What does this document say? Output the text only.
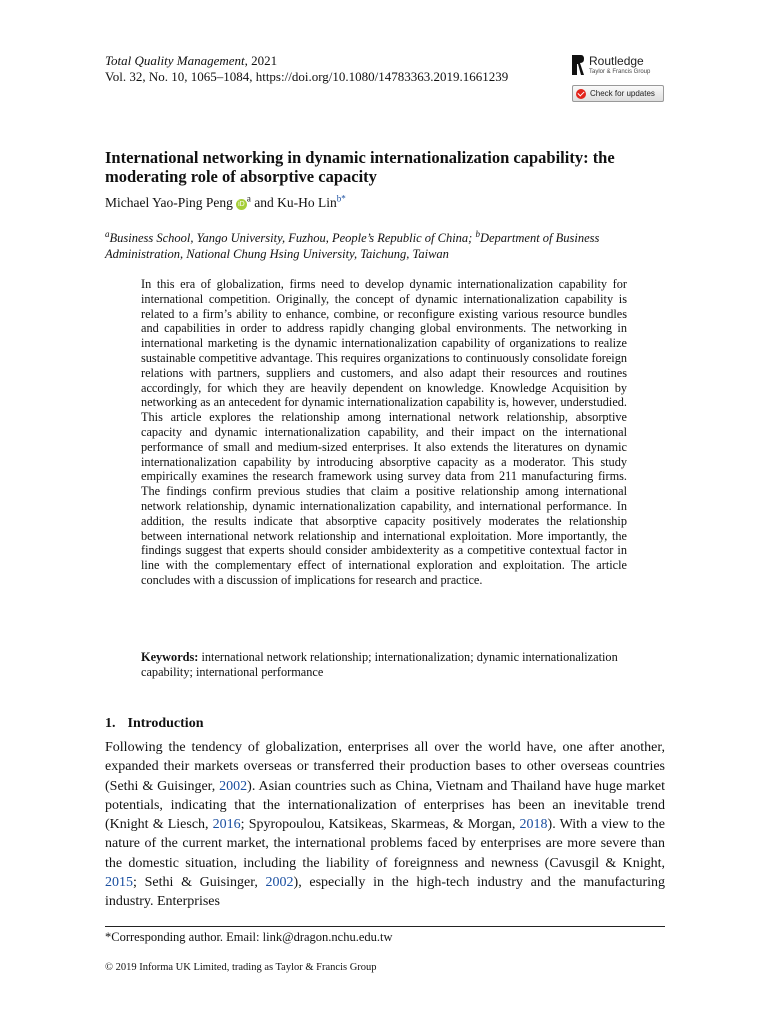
Total Quality Management, 2021
Vol. 32, No. 10, 1065–1084, https://doi.org/10.1080/14783363.2019.1661239
Routledge
Taylor & Francis Group
Check for updates
International networking in dynamic internationalization capability: the moderating role of absorptive capacity
Michael Yao-Ping Peng $iD^a$ and Ku-Ho Lin$^{b*}$
$^a$Business School, Yango University, Fuzhou, People’s Republic of China; $^b$Department of Business Administration, National Chung Hsing University, Taichung, Taiwan

In this era of globalization, firms need to develop dynamic internationalization capability for international competition. Originally, the concept of dynamic internationalization capability is related to a firm’s ability to enhance, combine, or reconfigure existing various resource bundles and capabilities in order to address rapidly changing global environments. The networking in international marketing is the dynamic internationalization capability of organizations to realize sustainable competitive advantage. This requires organizations to continuously consolidate foreign relations with partners, suppliers and customers, and also adapt their resources and routines accordingly, for which they are heavily dependent on knowledge. Knowledge Acquisition by networking as an antecedent for dynamic internationalization capability is, however, understudied. This article explores the relationship among international network relationship, absorptive capacity and dynamic internationalization capability, and their impact on the international performance of small and medium-sized enterprises. It also extends the literatures on dynamic internationalization capability by introducing absorptive capacity as a moderator. This study empirically examines the research framework using survey data from 211 manufacturing firms. The findings confirm previous studies that claim a positive relationship among international network relationship, dynamic internationalization capability, and international performance. In addition, the results indicate that absorptive capacity positively moderates the relationship between international network relationship and international exploitation. More importantly, the findings suggest that experts should consider ambidexterity as a competitive contextual factor in line with the complementary effect of international exploration and exploitation. The article concludes with a discussion of implications for research and practice.

Keywords: international network relationship; internationalization; dynamic internationalization capability; international performance

1. Introduction

Following the tendency of globalization, enterprises all over the world have, one after another, expanded their markets overseas or transferred their production bases to other overseas countries (Sethi & Guisinger, 2002). Asian countries such as China, Vietnam and Thailand have huge market potentials, indicating that the internationalization of enterprises has been an inevitable trend (Knight & Liesch, 2016; Spyropoulou, Katsikeas, Skarmeas, & Morgan, 2018). With a view to the nature of the current market, the international problems faced by enterprises are more severe than the domestic situation, including the liability of foreignness and newness (Cavusgil & Knight, 2015; Sethi & Guisinger, 2002), especially in the high-tech industry and the manufacturing industry. Enterprises

*Corresponding author. Email: link@dragon.nchu.edu.tw
© 2019 Informa UK Limited, trading as Taylor & Francis Group
